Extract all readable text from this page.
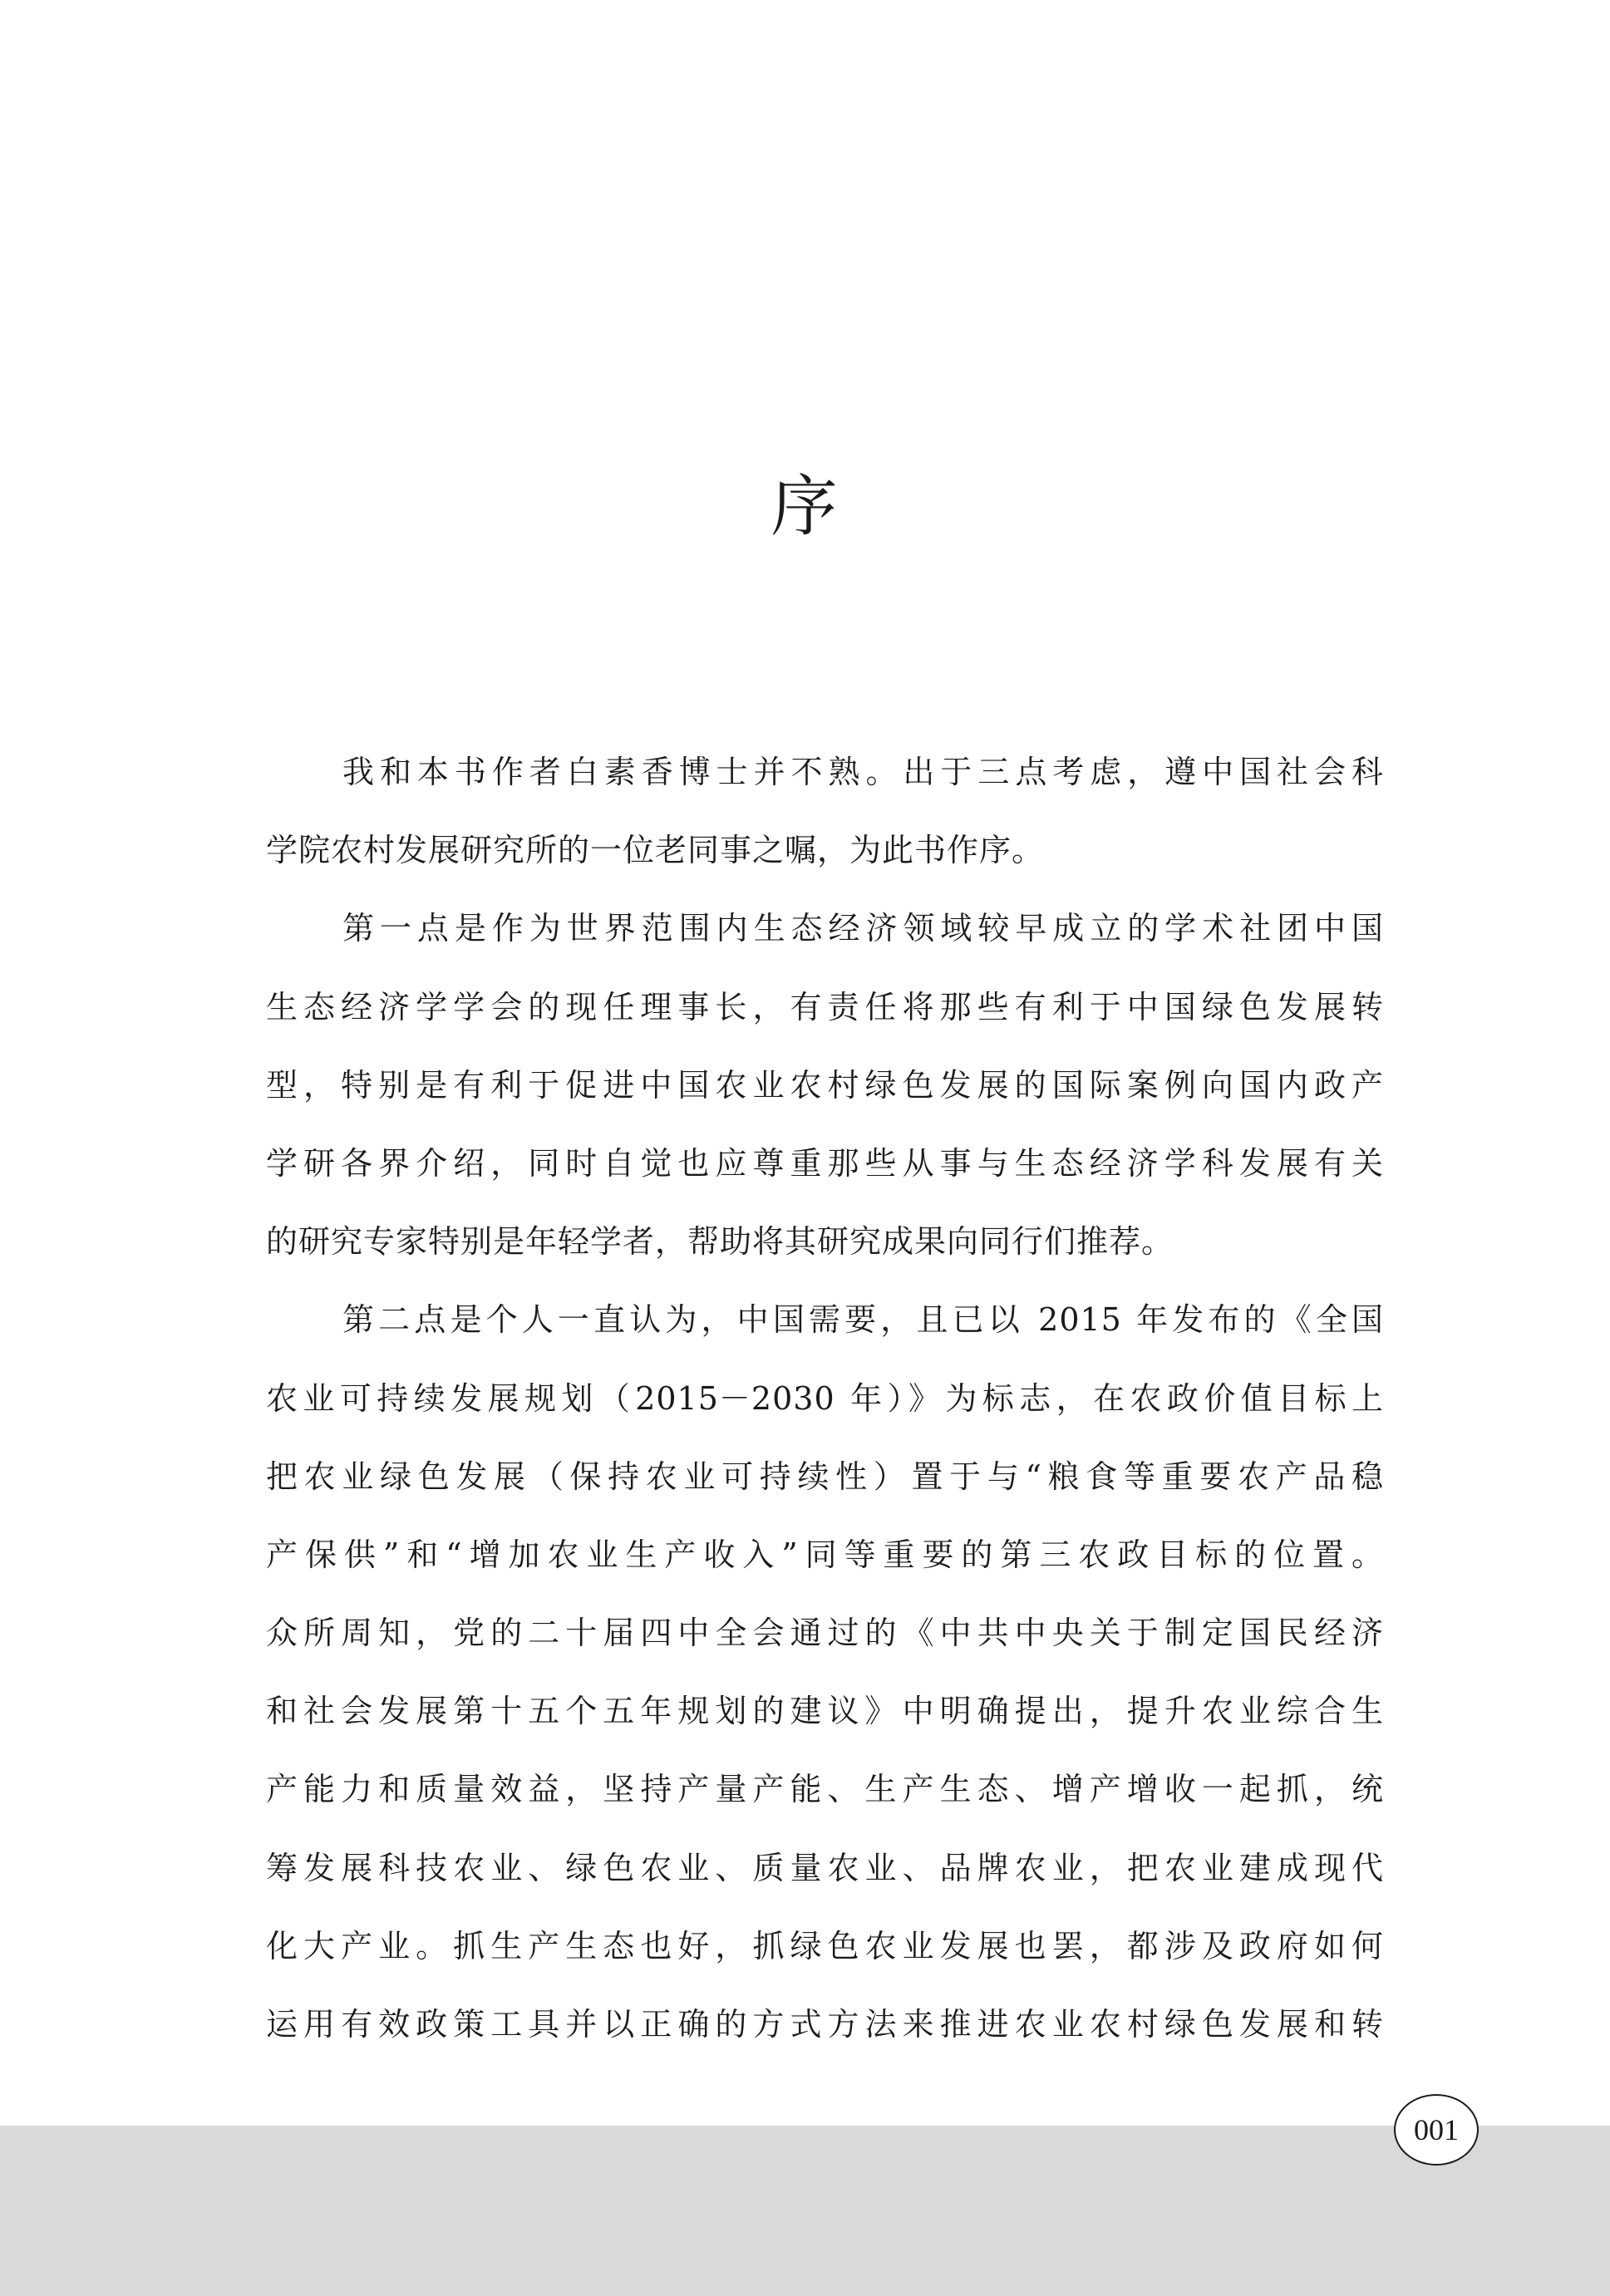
序
我和本书作者白素香博士并不熟。出于三点考虑，遵中国社会科
学院农村发展研究所的一位老同事之嘱，为此书作序。
第一点是作为世界范围内生态经济领域较早成立的学术社团中国
生态经济学学会的现任理事长，有责任将那些有利于中国绿色发展转
型，特别是有利于促进中国农业农村绿色发展的国际案例向国内政产
学研各界介绍，同时自觉也应尊重那些从事与生态经济学科发展有关
的研究专家特别是年轻学者，帮助将其研究成果向同行们推荐。
第二点是个人一直认为，中国需要，且已以 2015 年发布的《全国
农业可持续发展规划（2015－2030 年）》为标志，在农政价值目标上
把农业绿色发展（保持农业可持续性）置于与“粮食等重要农产品稳
产保供”和“增加农业生产收入”同等重要的第三农政目标的位置。
众所周知，党的二十届四中全会通过的《中共中央关于制定国民经济
和社会发展第十五个五年规划的建议》中明确提出，提升农业综合生
产能力和质量效益，坚持产量产能、生产生态、增产增收一起抓，统
筹发展科技农业、绿色农业、质量农业、品牌农业，把农业建成现代
化大产业。抓生产生态也好，抓绿色农业发展也罢，都涉及政府如何
运用有效政策工具并以正确的方式方法来推进农业农村绿色发展和转
001
